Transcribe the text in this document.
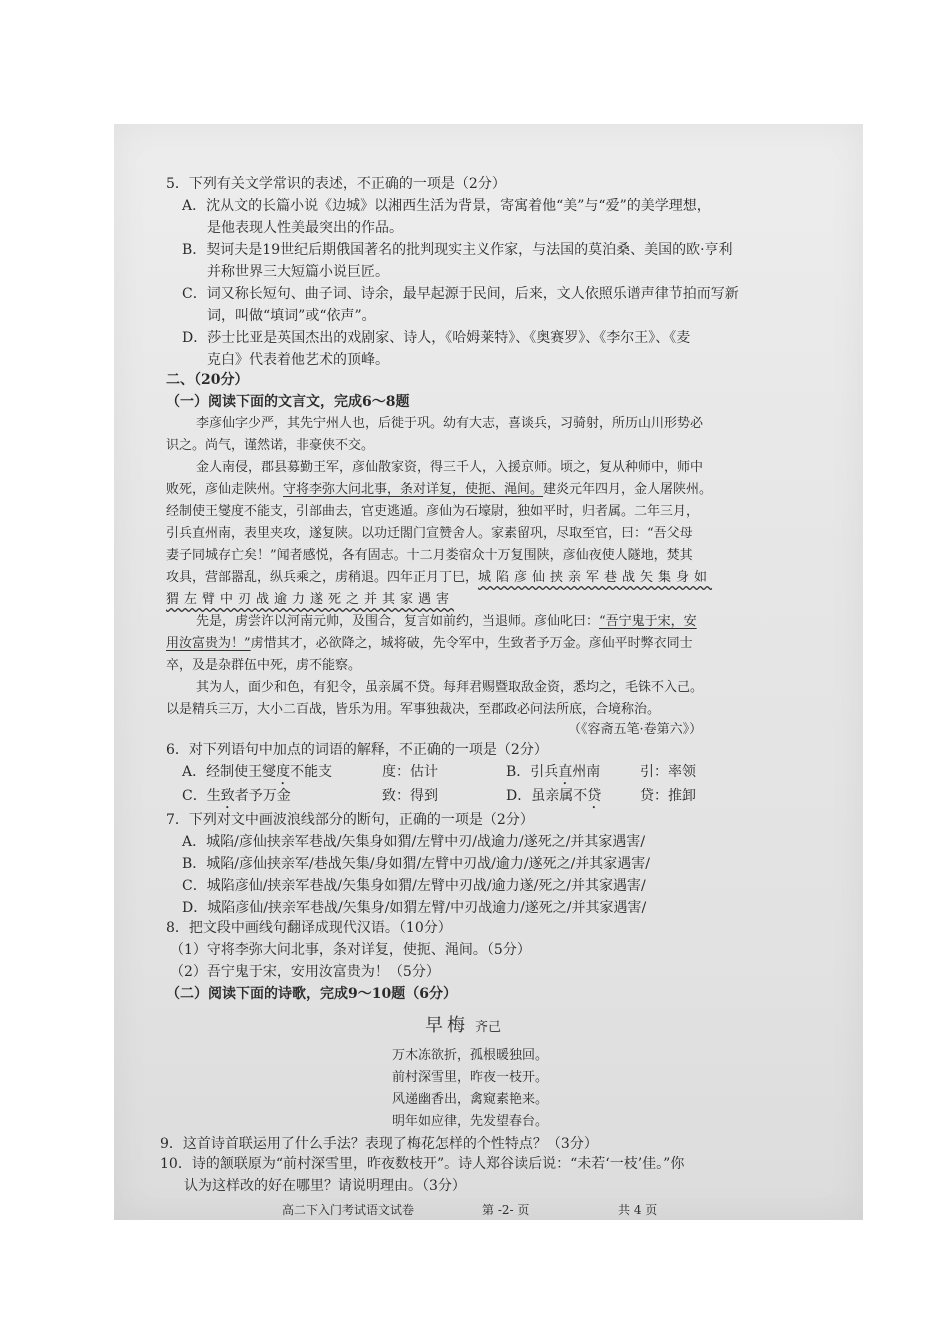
5．下列有关文学常识的表述，不正确的一项是（2分）
A．沈从文的长篇小说《边城》以湘西生活为背景，寄寓着他“美”与“爱”的美学理想，
是他表现人性美最突出的作品。
B．契诃夫是19世纪后期俄国著名的批判现实主义作家，与法国的莫泊桑、美国的欧·亨利
并称世界三大短篇小说巨匠。
C．词又称长短句、曲子词、诗余，最早起源于民间，后来，文人依照乐谱声律节拍而写新
词，叫做“填词”或“依声”。
D．莎士比亚是英国杰出的戏剧家、诗人，《哈姆莱特》、《奥赛罗》、《李尔王》、《麦
克白》代表着他艺术的顶峰。
二、（20分）
（一）阅读下面的文言文，完成6～8题
李彦仙字少严，其先宁州人也，后徙于巩。幼有大志，喜谈兵，习骑射，所历山川形势必
识之。尚气，谨然诺，非豪侠不交。
金人南侵，郡县募勤王军，彦仙散家资，得三千人，入援京师。顷之，复从种师中，师中
败死，彦仙走陕州。守将李弥大问北事，条对详复，使扼、渑间。建炎元年四月，金人屠陕州。
经制使王燮度不能支，引部曲去，官吏逃遁。彦仙为石壕尉，独如平时，归者属。二年三月，
引兵直州南，表里夹攻，遂复陕。以功迁閤门宣赞舍人。家素留巩，尽取至官，曰：“吾父母
妻子同城存亡矣！”闻者感悦，各有固志。十二月娄宿众十万复围陕，彦仙夜使人隧地，焚其
攻具，营部嚣乱，纵兵乘之，虏稍退。四年正月丁巳，城陷彦仙挟亲军巷战矢集身如
猬左臂中刃战逾力遂死之并其家遇害
先是，虏尝许以河南元帅，及围合，复言如前约，当退师。彦仙叱曰：“吾宁鬼于宋，安
用汝富贵为！”虏惜其才，必欲降之，城将破，先令军中，生致者予万金。彦仙平时弊衣同士
卒，及是杂群伍中死，虏不能察。
其为人，面少和色，有犯令，虽亲属不贷。每拜君赐暨取敌金资，悉均之，毛铢不入己。
以是精兵三万，大小二百战，皆乐为用。军事独裁决，至郡政必问法所底，合境称治。
（《容斋五笔·卷第六》）
6．对下列语句中加点的词语的解释，不正确的一项是（2分）
A．经制使王燮度不能支	度：估计	B．引兵直州南	引：率领
C．生致者予万金	致：得到	D．虽亲属不贷	贷：推卸
7．下列对文中画波浪线部分的断句，正确的一项是（2分）
A．城陷/彦仙挟亲军巷战/矢集身如猬/左臂中刃/战逾力/遂死之/并其家遇害/
B．城陷/彦仙挟亲军/巷战矢集/身如猬/左臂中刃战/逾力/遂死之/并其家遇害/
C．城陷彦仙/挟亲军巷战/矢集身如猬/左臂中刃战/逾力遂/死之/并其家遇害/
D．城陷彦仙/挟亲军巷战/矢集身/如猬左臂/中刃战逾力/遂死之/并其家遇害/
8．把文段中画线句翻译成现代汉语。（10分）
（1）守将李弥大问北事，条对详复，使扼、渑间。（5分）
（2）吾宁鬼于宋，安用汝富贵为！（5分）
（二）阅读下面的诗歌，完成9～10题（6分）
早梅 齐己
万木冻欲折，孤根暖独回。
前村深雪里，昨夜一枝开。
风递幽香出，禽窥素艳来。
明年如应律，先发望春台。
9．这首诗首联运用了什么手法？表现了梅花怎样的个性特点？（3分）
10．诗的颔联原为“前村深雪里，昨夜数枝开”。诗人郑谷读后说：“未若‘一枝’佳。”你
认为这样改的好在哪里？请说明理由。（3分）
高二下入门考试语文试卷	第 -2- 页	共 4 页
